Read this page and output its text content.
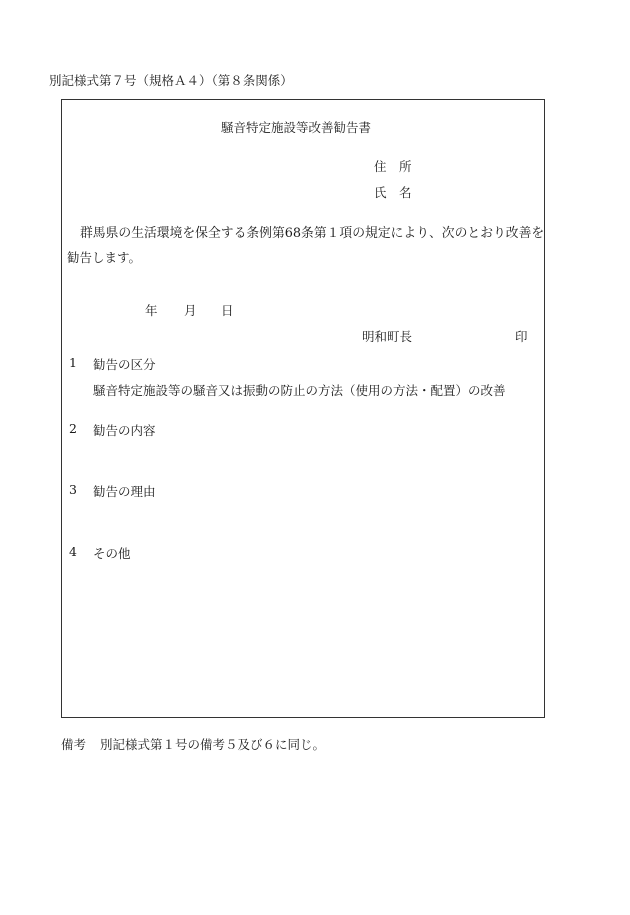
別記様式第７号（規格Ａ４）（第８条関係）
騒音特定施設等改善勧告書
住　所
氏　名
群馬県の生活環境を保全する条例第68条第１項の規定により、次のとおり改善を
勧告します。
年 月 日
明和町長	印
1 勧告の区分
騒音特定施設等の騒音又は振動の防止の方法（使用の方法・配置）の改善
2 勧告の内容
3 勧告の理由
4 その他
備考 別記様式第１号の備考５及び６に同じ。
